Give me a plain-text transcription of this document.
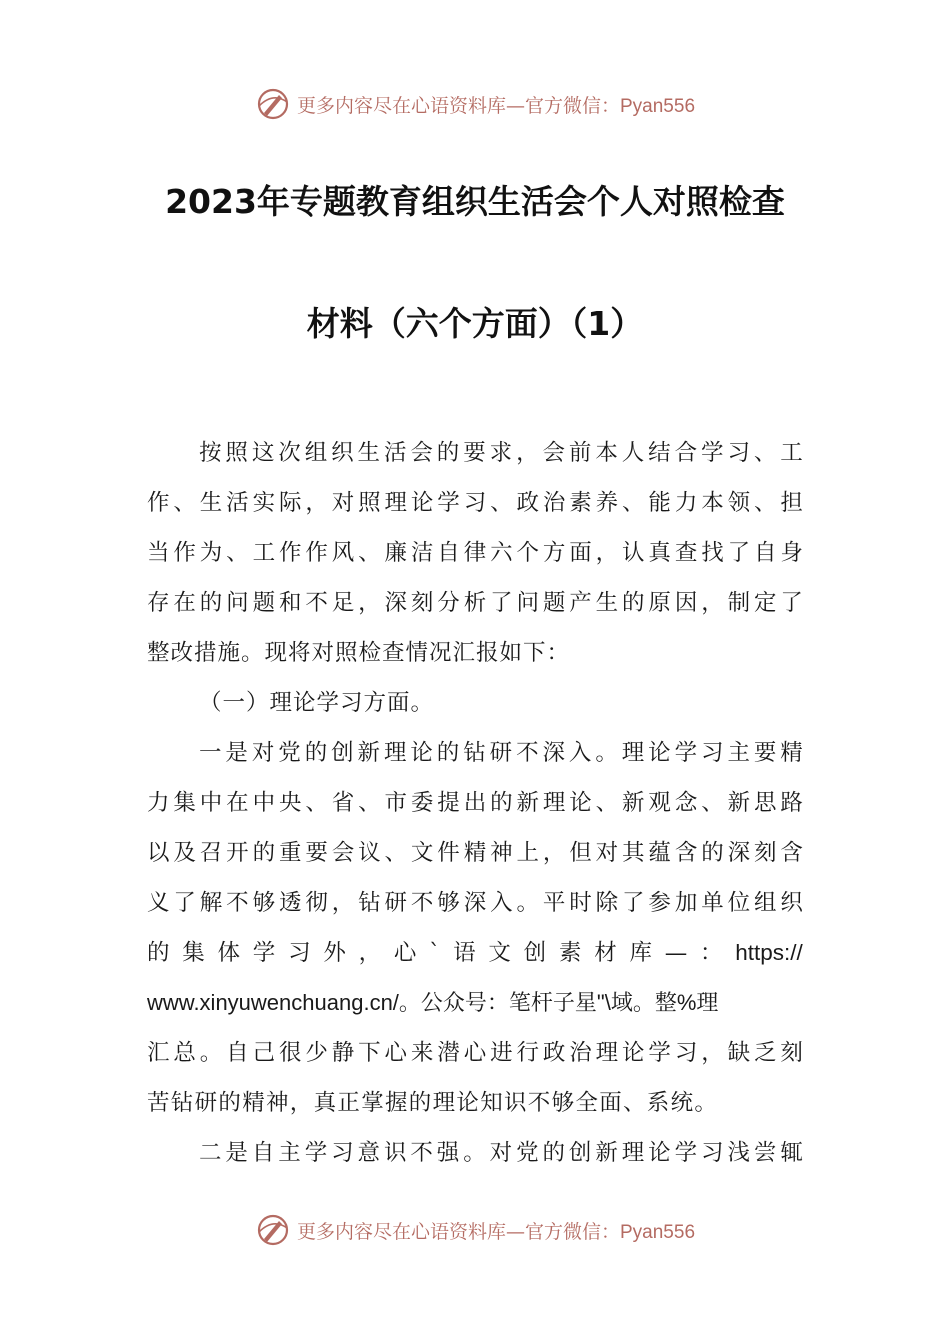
更多内容尽在心语资料库—官方微信：Pyan556
2023年专题教育组织生活会个人对照检查
材料（六个方面）（1）
按 照 这 次 组 织 生 活 会 的 要 求 ， 会 前 本 人 结 合 学 习 、 工
作 、 生 活 实 际 ， 对 照 理 论 学 习 、 政 治 素 养 、 能 力 本 领 、 担
当 作 为 、 工 作 作 风 、 廉 洁 自 律 六 个 方 面 ， 认 真 查 找 了 自 身
存 在 的 问 题 和 不 足 ， 深 刻 分 析 了 问 题 产 生 的 原 因 ， 制 定 了
整改措施。现将对照检查情况汇报如下：
（一）理论学习方面。
一 是 对 党 的 创 新 理 论 的 钻 研 不 深 入 。 理 论 学 习 主 要 精
力 集 中 在 中 央 、 省 、 市 委 提 出 的 新 理 论 、 新 观 念 、 新 思 路
以 及 召 开 的 重 要 会 议 、 文 件 精 神 上 ， 但 对 其 蕴 含 的 深 刻 含
义 了 解 不 够 透 彻 ， 钻 研 不 够 深 入 。 平 时 除 了 参 加 单 位 组 织
的 集 体 学 习 外 ， 心 ` 语 文 创 素 材 库 — ： https://
www.xinyuwenchuang.cn/。公众号：笔杆子星"\域。整%理
汇 总 。 自 己 很 少 静 下 心 来 潜 心 进 行 政 治 理 论 学 习 ， 缺 乏 刻
苦钻研的精神，真正掌握的理论知识不够全面、系统。
二 是 自 主 学 习 意 识 不 强 。 对 党 的 创 新 理 论 学 习 浅 尝 辄
更多内容尽在心语资料库—官方微信：Pyan556
